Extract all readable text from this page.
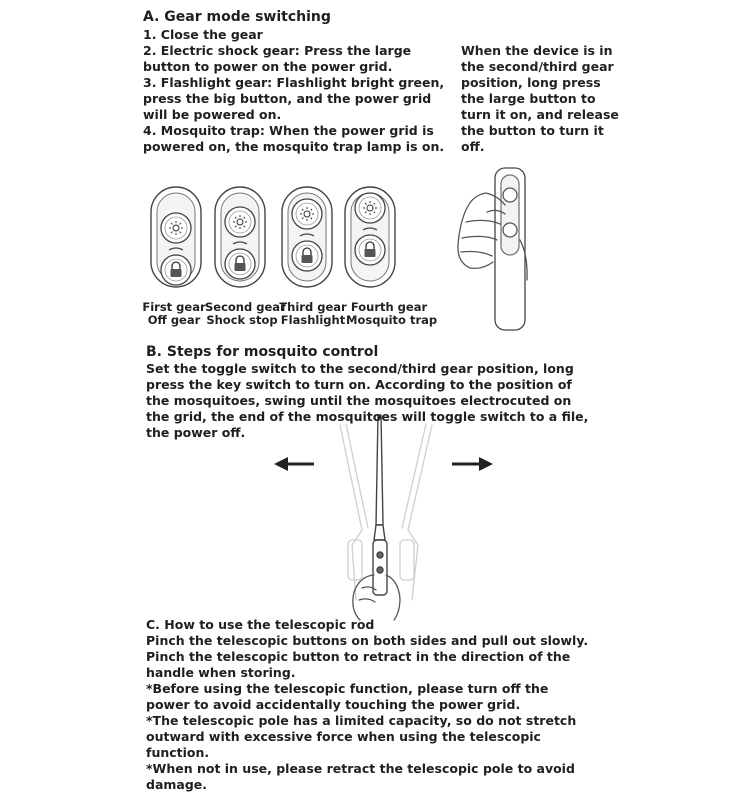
A. Gear mode switching
1. Close the gear
2. Electric shock gear: Press the large button to power on the power grid.
3. Flashlight gear: Flashlight bright green, press the big button, and the power grid will be powered on.
4. Mosquito trap: When the power grid is powered on, the mosquito trap lamp is on.
When the device is in the second/third gear position, long press the large button to turn it on, and release the button to turn it off.
First gear
Off gear
Second gear
Shock stop
Third gear
Flashlight
Fourth gear
Mosquito trap
B. Steps for mosquito control
Set the toggle switch to the second/third gear position, long press the key switch to turn on. According to the position of the mosquitoes, swing until the mosquitoes electrocuted on the grid, the end of the mosquitoes will toggle switch to a file, the power off.
C. How to use the telescopic rod
Pinch the telescopic buttons on both sides and pull out slowly. Pinch the telescopic button to retract in the direction of the handle when storing.
*Before using the telescopic function, please turn off the power to avoid accidentally touching the power grid.
*The telescopic pole has a limited capacity, so do not stretch outward with excessive force when using the telescopic function.
*When not in use, please retract the telescopic pole to avoid damage.
